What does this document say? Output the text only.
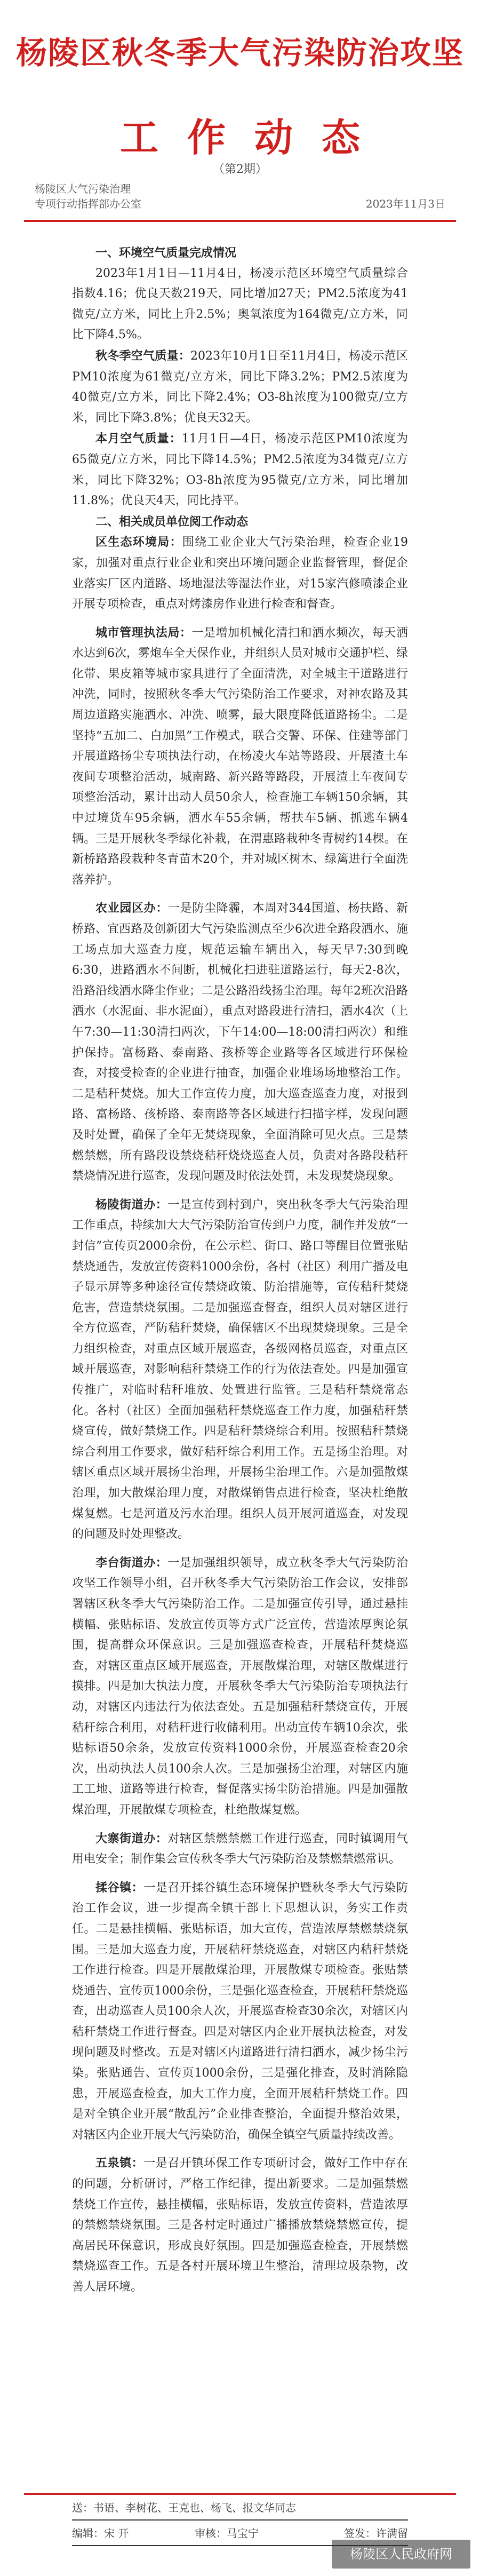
杨陵区秋冬季大气污染防治攻坚
工作动态
（第2期）
杨陵区大气污染治理
专项行动指挥部办公室	2023年11月3日
一、环境空气质量完成情况

2023年1月1日—11月4日，杨凌示范区环境空气质量综合指数4.16；优良天数219天，同比增加27天；PM2.5浓度为41微克/立方米，同比上升2.5%；奥氧浓度为164微克/立方米，同比下降4.5%。

秋冬季空气质量：2023年10月1日至11月4日，杨凌示范区PM10浓度为61微克/立方米，同比下降3.2%；PM2.5浓度为40微克/立方米，同比下降2.4%；O3-8h浓度为100微克/立方米，同比下降3.8%；优良天32天。

本月空气质量：11月1日—4日，杨凌示范区PM10浓度为65微克/立方米，同比下降14.5%；PM2.5浓度为34微克/立方米，同比下降32%；O3-8h浓度为95微克/立方米，同比增加11.8%；优良天4天，同比持平。

二、相关成员单位阅工作动态

区生态环境局：围绕工业企业大气污染治理，检查企业19家，加强对重点行业企业和突出环境问题企业监督管理，督促企业落实厂区内道路、场地湿法等湿法作业，对15家汽修喷漆企业开展专项检查，重点对烤漆房作业进行检查和督查。

城市管理执法局：一是增加机械化清扫和洒水频次，每天洒水达到6次，雾炮车全天保作业，并组织人员对城市交通护栏、绿化带、果皮箱等城市家具进行了全面清洗，对全城主干道路进行冲洗，同时，按照秋冬季大气污染防治工作要求，对神农路及其周边道路实施洒水、冲洗、喷雾，最大限度降低道路扬尘。二是坚持“五加二、白加黑”工作模式，联合交警、环保、住建等部门开展道路扬尘专项执法行动，在杨凌火车站等路段、开展渣土车夜间专项整治活动，城南路、新兴路等路段，开展渣土车夜间专项整治活动，累计出动人员50余人，检查施工车辆150余辆，其中过境货车95余辆，洒水车55余辆，帮扶车5辆、抓逃车辆4辆。三是开展秋冬季绿化补栽，在渭惠路栽种冬青树约14棵。在新桥路路段栽种冬青苗木20个，并对城区树木、绿篱进行全面洗落养护。

农业园区办：一是防尘降霾，本周对344国道、杨扶路、新桥路、宜西路及创新团大气污染监测点至少6次进全路段洒水、施工场点加大巡查力度，规范运输车辆出入，每天早7:30到晚6:30，进路洒水不间断，机械化扫进驻道路运行，每天2-8次，沿路沿线洒水降尘作业；二是公路沿线扬尘治理。每年2班次沿路洒水（水泥面、非水泥面），重点对路段进行清扫，洒水4次（上午7:30—11:30清扫两次，下午14:00—18:00清扫两次）和维护保持。富杨路、泰南路、孩桥等企业路等各区域进行环保检查，对接受检查的企业进行抽查，加强企业堆场场地整治工作。二是秸秆焚烧。加大工作宣传力度，加大巡查巡查力度，对报到路、富杨路、孩桥路、泰南路等各区域进行扫描字样，发现问题及时处置，确保了全年无焚烧现象，全面消除可见火点。三是禁燃禁燃，所有路段设禁烧秸秆烧烧巡查人员，负责对各路段秸秆禁烧情况进行巡查，发现问题及时依法处罚，未发现焚烧现象。

杨陵街道办：一是宣传到村到户，突出秋冬季大气污染治理工作重点，持续加大大气污染防治宣传到户力度，制作并发放“一封信”宣传页2000余份，在公示栏、街口、路口等醒目位置张贴禁烧通告，发放宣传资料1000余份，各村（社区）利用广播及电子显示屏等多种途径宣传禁烧政策、防治措施等，宣传秸秆焚烧危害，营造禁烧氛围。二是加强巡查督查，组织人员对辖区进行全方位巡查，严防秸秆焚烧，确保辖区不出现焚烧现象。三是全力组织检查，对重点区域开展巡查，各级网格员巡查，对重点区域开展巡查，对影响秸秆禁烧工作的行为依法查处。四是加强宣传推广，对临时秸秆堆放、处置进行监管。三是秸秆禁烧常态化。各村（社区）全面加强秸秆禁烧巡查工作力度，加强秸秆禁烧宣传，做好禁烧工作。四是秸秆禁烧综合利用。按照秸秆禁烧综合利用工作要求，做好秸秆综合利用工作。五是扬尘治理。对辖区重点区域开展扬尘治理，开展扬尘治理工作。六是加强散煤治理，加大散煤治理力度，对散煤销售点进行检查，坚决杜绝散煤复燃。七是河道及污水治理。组织人员开展河道巡查，对发现的问题及时处理整改。

李台街道办：一是加强组织领导，成立秋冬季大气污染防治攻坚工作领导小组，召开秋冬季大气污染防治工作会议，安排部署辖区秋冬季大气污染防治工作。二是加强宣传引导，通过悬挂横幅、张贴标语、发放宣传页等方式广泛宣传，营造浓厚舆论氛围，提高群众环保意识。三是加强巡查检查，开展秸秆焚烧巡查，对辖区重点区域开展巡查，开展散煤治理，对辖区散煤进行摸排。四是加大执法力度，开展秋冬季大气污染防治专项执法行动，对辖区内违法行为依法查处。五是加强秸秆禁烧宣传，开展秸秆综合利用，对秸秆进行收储利用。出动宣传车辆10余次，张贴标语50余条，发放宣传资料1000余份，开展巡查检查20余次，出动执法人员100余人次。三是加强扬尘治理，对辖区内施工工地、道路等进行检查，督促落实扬尘防治措施。四是加强散煤治理，开展散煤专项检查，杜绝散煤复燃。

大寨街道办：对辖区禁燃禁燃工作进行巡查，同时镇调用气用电安全；制作集会宣传秋冬季大气污染防治及禁燃禁燃常识。

揉谷镇：一是召开揉谷镇生态环境保护暨秋冬季大气污染防治工作会议，进一步提高全镇干部上下思想认识，务实工作责任。二是悬挂横幅、张贴标语，加大宣传，营造浓厚禁燃禁烧氛围。三是加大巡查力度，开展秸秆禁烧巡查，对辖区内秸秆禁烧工作进行检查。四是开展散煤治理，开展散煤专项检查。张贴禁烧通告、宣传页1000余份，三是强化巡查检查，开展秸秆禁烧巡查，出动巡查人员100余人次，开展巡查检查30余次，对辖区内秸秆禁烧工作进行督查。四是对辖区内企业开展执法检查，对发现问题及时整改。五是对辖区内道路进行清扫洒水，减少扬尘污染。张贴通告、宣传页1000余份，三是强化排查，及时消除隐患，开展巡查检查，加大工作力度，全面开展秸秆禁烧工作。四是对全镇企业开展“散乱污”企业排查整治，全面提升整治效果，对辖区内企业开展大气污染防治，确保全镇空气质量持续改善。

五泉镇：一是召开镇环保工作专项研讨会，做好工作中存在的问题，分析研讨，严格工作纪律，提出新要求。二是加强禁燃禁烧工作宣传，悬挂横幅，张贴标语，发放宣传资料，营造浓厚的禁燃禁烧氛围。三是各村定时通过广播播放禁烧禁燃宣传，提高居民环保意识，形成良好氛围。四是加强巡查检查，开展禁燃禁烧巡查工作。五是各村开展环境卫生整治，清理垃圾杂物，改善人居环境。

送：书语、李树花、王克也、杨飞、报文华同志
编辑：宋 开	审核：马宝宁	签发：许满留
杨陵区人民政府网
